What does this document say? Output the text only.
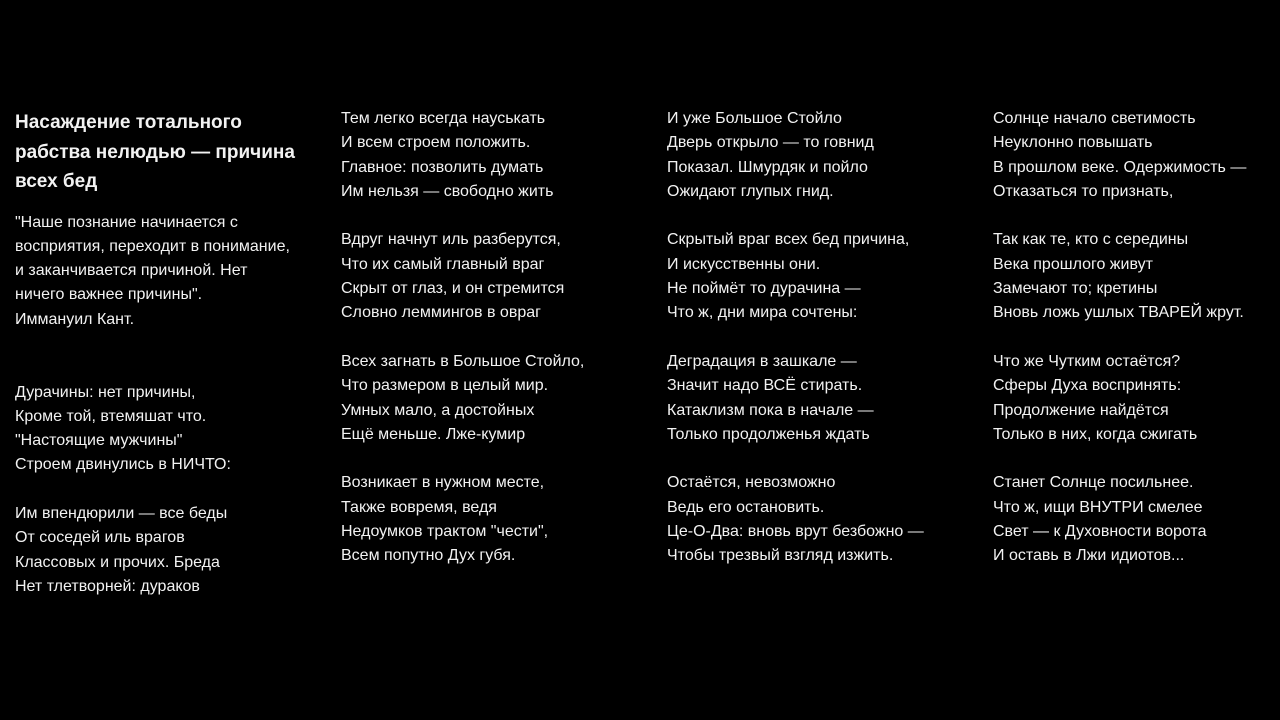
Насаждение тотального
рабства нелюдью — причина
всех бед
"Наше познание начинается с
восприятия, переходит в понимание,
и заканчивается причиной. Нет
ничего важнее причины".
Иммануил Кант.
Дурачины: нет причины,
Кроме той, втемяшат что.
"Настоящие мужчины"
Строем двинулись в НИЧТО:
Им впендюрили — все беды
От соседей иль врагов
Классовых и прочих. Бреда
Нет тлетворней: дураков
Тем легко всегда науськать
И всем строем положить.
Главное: позволить думать
Им нельзя — свободно жить
Вдруг начнут иль разберутся,
Что их самый главный враг
Скрыт от глаз, и он стремится
Словно леммингов в овраг
Всех загнать в Большое Стойло,
Что размером в целый мир.
Умных мало, а достойных
Ещё меньше. Лже-кумир
Возникает в нужном месте,
Также вовремя, ведя
Недоумков трактом "чести",
Всем попутно Дух губя.
И уже Большое Стойло
Дверь открыло — то говнид
Показал. Шмурдяк и пойло
Ожидают глупых гнид.
Скрытый враг всех бед причина,
И искусственны они.
Не поймёт то дурачина —
Что ж, дни мира сочтены:
Деградация в зашкале —
Значит надо ВСЁ стирать.
Катаклизм пока в начале —
Только продолженья ждать
Остаётся, невозможно
Ведь его остановить.
Це-О-Два: вновь врут безбожно —
Чтобы трезвый взгляд изжить.
Солнце начало светимость
Неуклонно повышать
В прошлом веке. Одержимость —
Отказаться то признать,
Так как те, кто с середины
Века прошлого живут
Замечают то; кретины
Вновь ложь ушлых ТВАРЕЙ жрут.
Что же Чутким остаётся?
Сферы Духа воспринять:
Продолжение найдётся
Только в них, когда сжигать
Станет Солнце посильнее.
Что ж, ищи ВНУТРИ смелее
Свет — к Духовности ворота
И оставь в Лжи идиотов...
